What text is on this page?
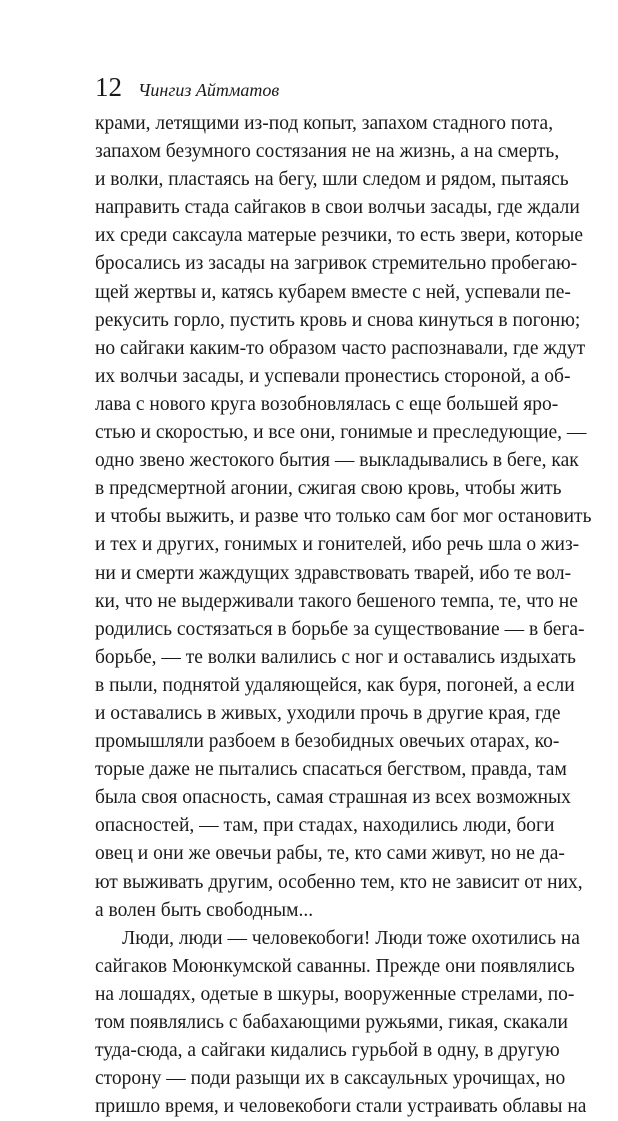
12 Чингиз Айтматов
крами, летящими из-под копыт, запахом стадного пота,
запахом безумного состязания не на жизнь, а на смерть,
и волки, пластаясь на бегу, шли следом и рядом, пытаясь
направить стада сайгаков в свои волчьи засады, где ждали
их среди саксаула матерые резчики, то есть звери, которые
бросались из засады на загривок стремительно пробегаю-
щей жертвы и, катясь кубарем вместе с ней, успевали пе-
рекусить горло, пустить кровь и снова кинуться в погоню;
но сайгаки каким-то образом часто распознавали, где ждут
их волчьи засады, и успевали пронестись стороной, а об-
лава с нового круга возобновлялась с еще большей яро-
стью и скоростью, и все они, гонимые и преследующие, —
одно звено жестокого бытия — выкладывались в беге, как
в предсмертной агонии, сжигая свою кровь, чтобы жить
и чтобы выжить, и разве что только сам бог мог остановить
и тех и других, гонимых и гонителей, ибо речь шла о жиз-
ни и смерти жаждущих здравствовать тварей, ибо те вол-
ки, что не выдерживали такого бешеного темпа, те, что не
родились состязаться в борьбе за существование — в бега-
борьбе, — те волки валились с ног и оставались издыхать
в пыли, поднятой удаляющейся, как буря, погоней, а если
и оставались в живых, уходили прочь в другие края, где
промышляли разбоем в безобидных овечьих отарах, ко-
торые даже не пытались спасаться бегством, правда, там
была своя опасность, самая страшная из всех возможных
опасностей, — там, при стадах, находились люди, боги
овец и они же овечьи рабы, те, кто сами живут, но не да-
ют выживать другим, особенно тем, кто не зависит от них,
а волен быть свободным...
Люди, люди — человекобоги! Люди тоже охотились на
сайгаков Моюнкумской саванны. Прежде они появлялись
на лошадях, одетые в шкуры, вооруженные стрелами, по-
том появлялись с бабахающими ружьями, гикая, скакали
туда-сюда, а сайгаки кидались гурьбой в одну, в другую
сторону — поди разыщи их в саксаульных урочищах, но
пришло время, и человекобоги стали устраивать облавы на
